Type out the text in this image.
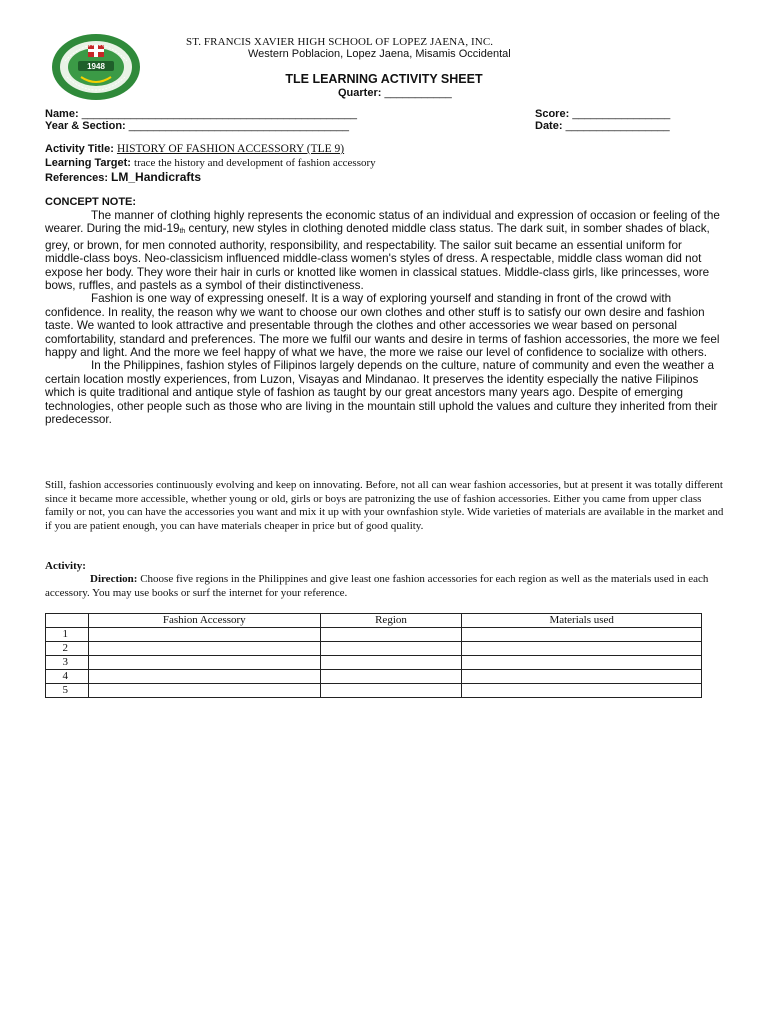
1948
ST. FRANCIS XAVIER HIGH SCHOOL OF LOPEZ JAENA, INC.
Western Poblacion, Lopez Jaena, Misamis Occidental
TLE LEARNING ACTIVITY SHEET
Quarter: ___________
Name: _____________________________________________
Year & Section: ____________________________________
Score: ________________
Date: _________________
Activity Title: HISTORY OF FASHION ACCESSORY (TLE 9)
Learning Target: trace the history and development of fashion accessory
References: LM_Handicrafts
CONCEPT NOTE:

The manner of clothing highly represents the economic status of an individual and expression of occasion or feeling of the wearer. During the mid-19th century, new styles in clothing denoted middle class status. The dark suit, in somber shades of black, grey, or brown, for men connoted authority, responsibility, and respectability. The sailor suit became an essential uniform for middle-class boys. Neo-classicism influenced middle-class women's styles of dress. A respectable, middle class woman did not expose her body. They wore their hair in curls or knotted like women in classical statues. Middle-class girls, like princesses, wore bows, ruffles, and pastels as a symbol of their distinctiveness.

Fashion is one way of expressing oneself. It is a way of exploring yourself and standing in front of the crowd with confidence. In reality, the reason why we want to choose our own clothes and other stuff is to satisfy our own desire and fashion taste. We wanted to look attractive and presentable through the clothes and other accessories we wear based on personal comfortability, standard and preferences. The more we fulfil our wants and desire in terms of fashion accessories, the more we feel happy and light. And the more we feel happy of what we have, the more we raise our level of confidence to socialize with others.

In the Philippines, fashion styles of Filipinos largely depends on the culture, nature of community and even the weather a certain location mostly experiences, from Luzon, Visayas and Mindanao. It preserves the identity especially the native Filipinos which is quite traditional and antique style of fashion as taught by our great ancestors many years ago. Despite of emerging technologies, other people such as those who are living in the mountain still uphold the values and culture they inherited from their predecessor.

Still, fashion accessories continuously evolving and keep on innovating. Before, not all can wear fashion accessories, but at present it was totally different since it became more accessible, whether young or old, girls or boys are patronizing the use of fashion accessories. Either you came from upper class family or not, you can have the accessories you want and mix it up with your ownfashion style. Wide varieties of materials are available in the market and if you are patient enough, you can have materials cheaper in price but of good quality.
Activity:
Direction: Choose five regions in the Philippines and give least one fashion accessories for each region as well as the materials used in each accessory. You may use books or surf the internet for your reference.
	Fashion Accessory	Region	Materials used
1			
2			
3			
4			
5			
